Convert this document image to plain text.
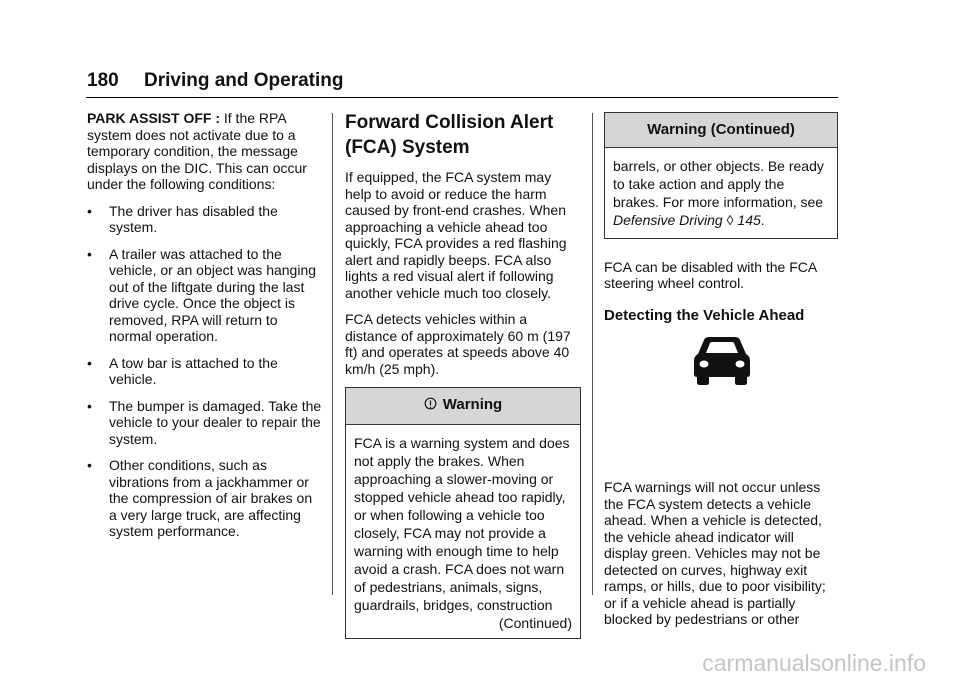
180 Driving and Operating

PARK ASSIST OFF : If the RPA system does not activate due to a temporary condition, the message displays on the DIC. This can occur under the following conditions:

•	The driver has disabled the system.
•	A trailer was attached to the vehicle, or an object was hanging out of the liftgate during the last drive cycle. Once the object is removed, RPA will return to normal operation.
•	A tow bar is attached to the vehicle.
•	The bumper is damaged. Take the vehicle to your dealer to repair the system.
•	Other conditions, such as vibrations from a jackhammer or the compression of air brakes on a very large truck, are affecting system performance.
Forward Collision Alert (FCA) System

If equipped, the FCA system may help to avoid or reduce the harm caused by front-end crashes. When approaching a vehicle ahead too quickly, FCA provides a red flashing alert and rapidly beeps. FCA also lights a red visual alert if following another vehicle much too closely.

FCA detects vehicles within a distance of approximately 60 m (197 ft) and operates at speeds above 40 km/h (25 mph).

Warning

FCA is a warning system and does not apply the brakes. When approaching a slower-moving or stopped vehicle ahead too rapidly, or when following a vehicle too closely, FCA may not provide a warning with enough time to help avoid a crash. FCA does not warn of pedestrians, animals, signs, guardrails, bridges, construction

(Continued)

Warning (Continued)

barrels, or other objects. Be ready to take action and apply the brakes. For more information, see Defensive Driving ◊ 145.

FCA can be disabled with the FCA steering wheel control.

Detecting the Vehicle Ahead

FCA warnings will not occur unless the FCA system detects a vehicle ahead. When a vehicle is detected, the vehicle ahead indicator will display green. Vehicles may not be detected on curves, highway exit ramps, or hills, due to poor visibility; or if a vehicle ahead is partially blocked by pedestrians or other

carmanualsonline.info
